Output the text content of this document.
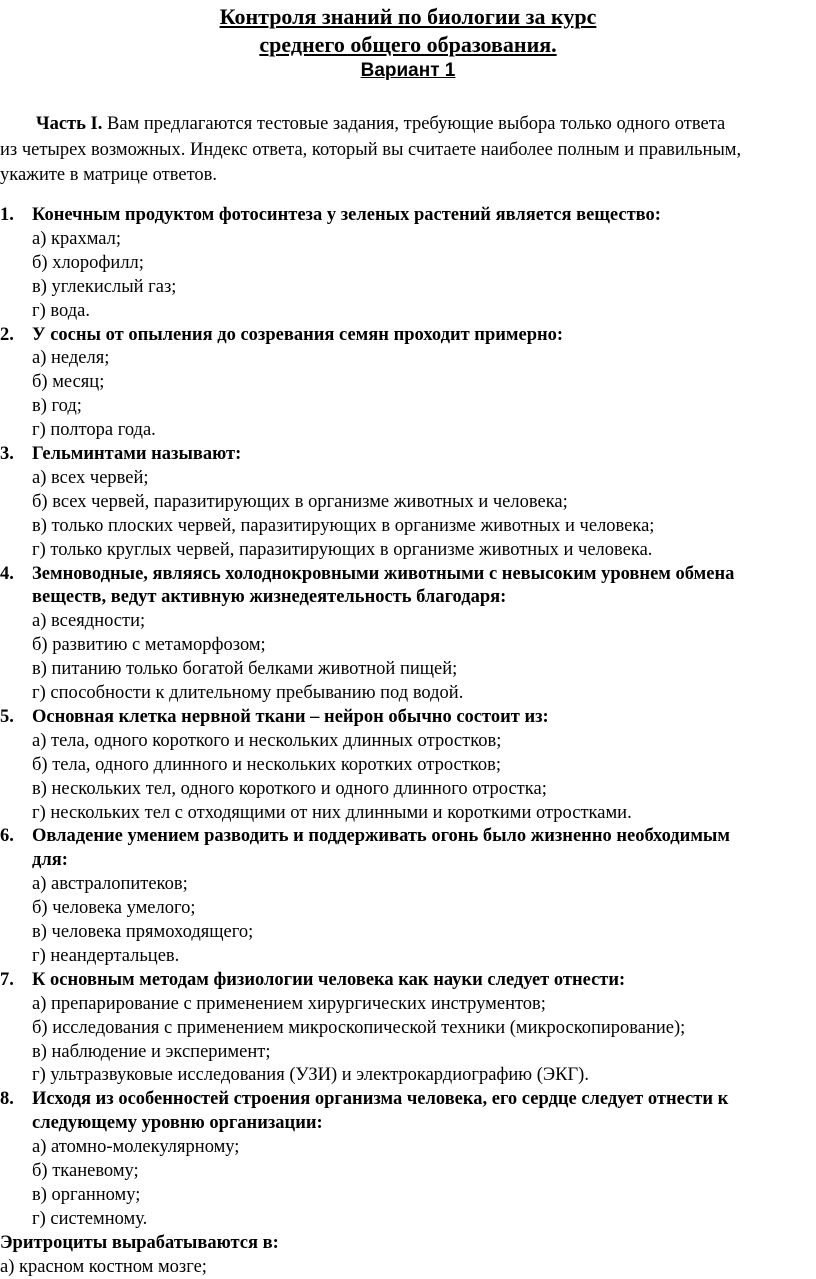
Контроля знаний по биологии за курс
среднего общего образования.
Вариант 1
Часть I. Вам предлагаются тестовые задания, требующие выбора только одного ответа
из четырех возможных. Индекс ответа, который вы считаете наиболее полным и правильным,
укажите в матрице ответов.
1. Конечным продуктом фотосинтеза у зеленых растений является вещество:
а) крахмал;
б) хлорофилл;
в) углекислый газ;
г) вода.
2. У сосны от опыления до созревания семян проходит примерно:
а) неделя;
б) месяц;
в) год;
г) полтора года.
3. Гельминтами называют:
а) всех червей;
б) всех червей, паразитирующих в организме животных и человека;
в) только плоских червей, паразитирующих в организме животных и человека;
г) только круглых червей, паразитирующих в организме животных и человека.
4. Земноводные, являясь холоднокровными животными с невысоким уровнем обмена
веществ, ведут активную жизнедеятельность благодаря:
а) всеядности;
б) развитию с метаморфозом;
в) питанию только богатой белками животной пищей;
г) способности к длительному пребыванию под водой.
5. Основная клетка нервной ткани – нейрон обычно состоит из:
а) тела, одного короткого и нескольких длинных отростков;
б) тела, одного длинного и нескольких коротких отростков;
в) нескольких тел, одного короткого и одного длинного отростка;
г) нескольких тел с отходящими от них длинными и короткими отростками.
6. Овладение умением разводить и поддерживать огонь было жизненно необходимым
для:
а) австралопитеков;
б) человека умелого;
в) человека прямоходящего;
г) неандертальцев.
7. К основным методам физиологии человека как науки следует отнести:
а) препарирование с применением хирургических инструментов;
б) исследования с применением микроскопической техники (микроскопирование);
в) наблюдение и эксперимент;
г) ультразвуковые исследования (УЗИ) и электрокардиографию (ЭКГ).
8. Исходя из особенностей строения организма человека, его сердце следует отнести к
следующему уровню организации:
а) атомно-молекулярному;
б) тканевому;
в) органному;
г) системному.
Эритроциты вырабатываются в:
а) красном костном мозге;
